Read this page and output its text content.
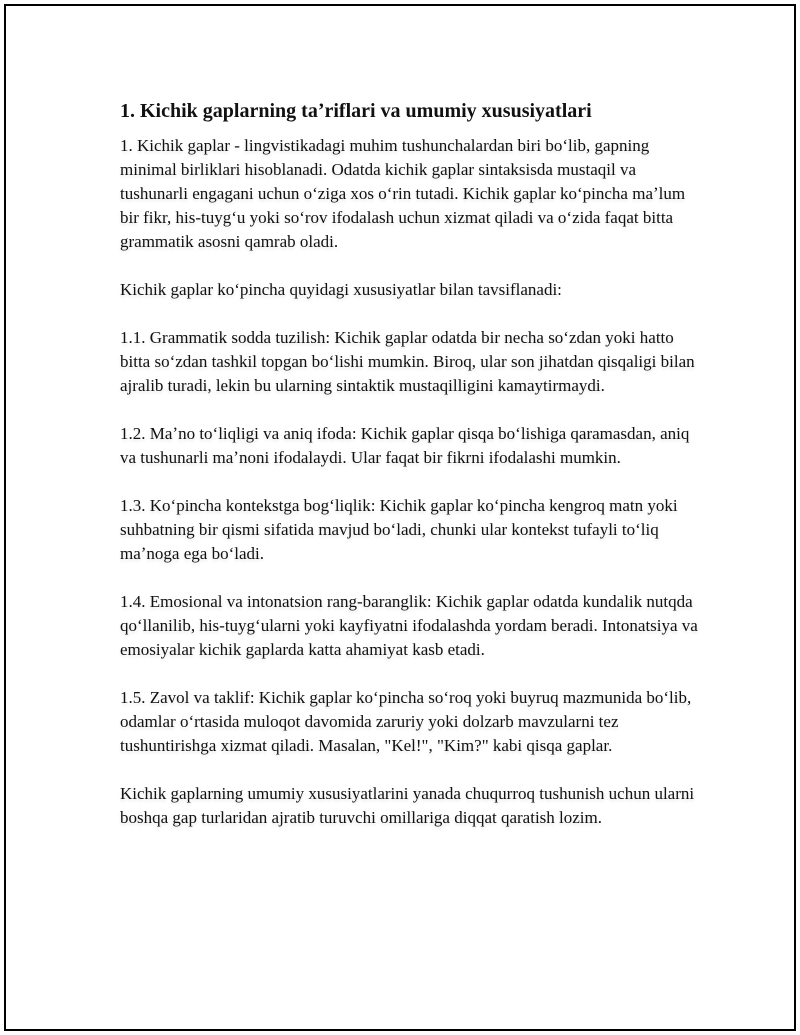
1. Kichik gaplarning taʼriflari va umumiy xususiyatlari

1. Kichik gaplar - lingvistikadagi muhim tushunchalardan biri boʻlib, gapning minimal birliklari hisoblanadi. Odatda kichik gaplar sintaksisda mustaqil va tushunarli engagani uchun oʻziga xos oʻrin tutadi. Kichik gaplar koʻpincha maʼlum bir fikr, his-tuygʻu yoki soʻrov ifodalash uchun xizmat qiladi va oʻzida faqat bitta grammatik asosni qamrab oladi.

Kichik gaplar koʻpincha quyidagi xususiyatlar bilan tavsiflanadi:

1.1. Grammatik sodda tuzilish: Kichik gaplar odatda bir necha soʻzdan yoki hatto bitta soʻzdan tashkil topgan boʻlishi mumkin. Biroq, ular son jihatdan qisqaligi bilan ajralib turadi, lekin bu ularning sintaktik mustaqilligini kamaytirmaydi.

1.2. Maʼno toʻliqligi va aniq ifoda: Kichik gaplar qisqa boʻlishiga qaramasdan, aniq va tushunarli maʼnoni ifodalaydi. Ular faqat bir fikrni ifodalashi mumkin.

1.3. Koʻpincha kontekstga bogʻliqlik: Kichik gaplar koʻpincha kengroq matn yoki suhbatning bir qismi sifatida mavjud boʻladi, chunki ular kontekst tufayli toʻliq maʼnoga ega boʻladi.

1.4. Emosional va intonatsion rang-baranglik: Kichik gaplar odatda kundalik nutqda qoʻllanilib, his-tuygʻularni yoki kayfiyatni ifodalashda yordam beradi. Intonatsiya va emosiyalar kichik gaplarda katta ahamiyat kasb etadi.

1.5. Zavol va taklif: Kichik gaplar koʻpincha soʻroq yoki buyruq mazmunida boʻlib, odamlar oʻrtasida muloqot davomida zaruriy yoki dolzarb mavzularni tez tushuntirishga xizmat qiladi. Masalan, "Kel!", "Kim?" kabi qisqa gaplar.

Kichik gaplarning umumiy xususiyatlarini yanada chuqurroq tushunish uchun ularni boshqa gap turlaridan ajratib turuvchi omillariga diqqat qaratish lozim.
